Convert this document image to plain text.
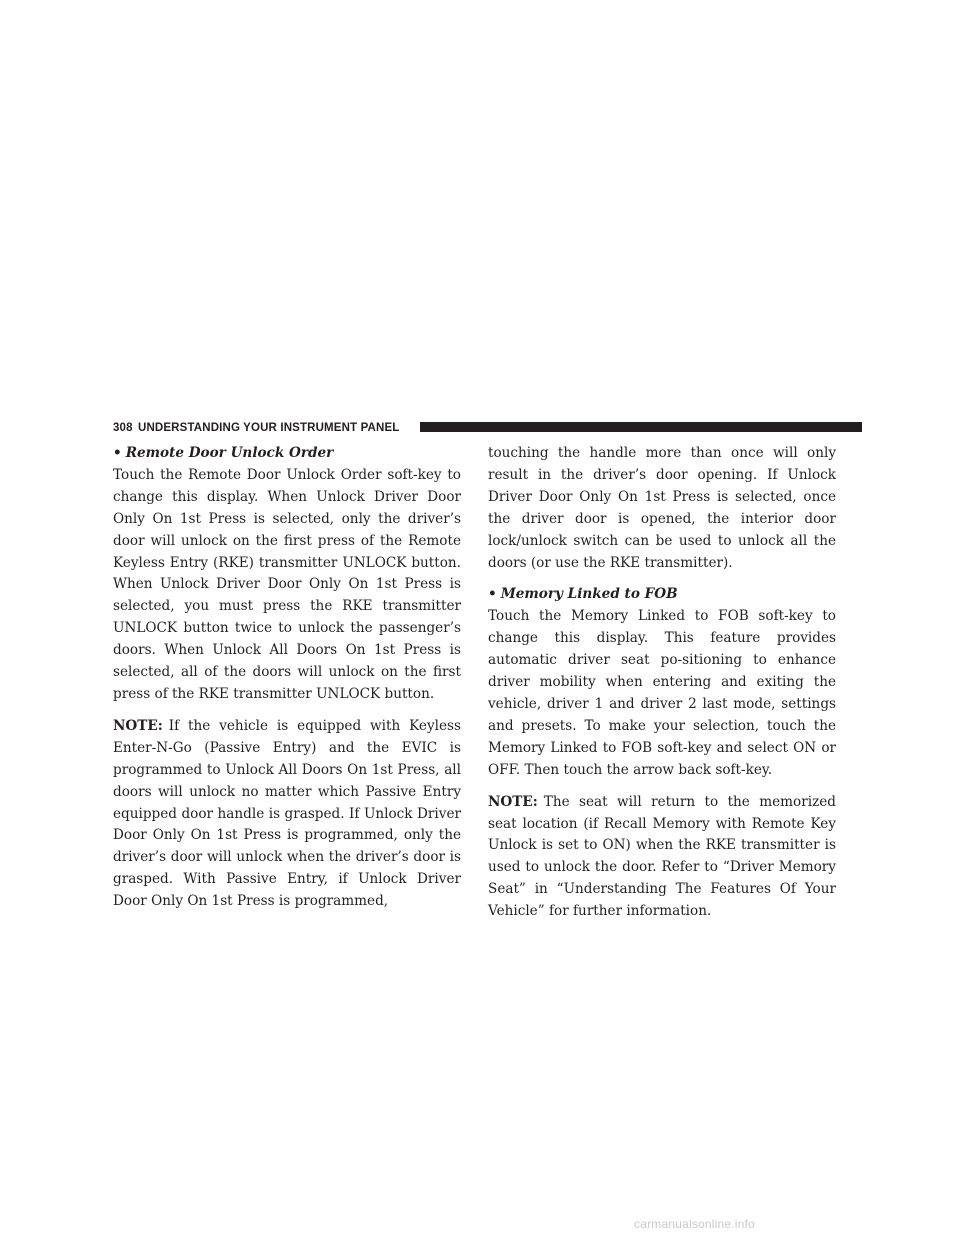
308 UNDERSTANDING YOUR INSTRUMENT PANEL

• Remote Door Unlock Order

Touch the Remote Door Unlock Order soft-key to change this display. When Unlock Driver Door Only On 1st Press is selected, only the driver’s door will unlock on the first press of the Remote Keyless Entry (RKE) transmitter UNLOCK button. When Unlock Driver Door Only On 1st Press is selected, you must press the RKE transmitter UNLOCK button twice to unlock the passenger’s doors. When Unlock All Doors On 1st Press is selected, all of the doors will unlock on the first press of the RKE transmitter UNLOCK button.

NOTE: If the vehicle is equipped with Keyless Enter-N-Go (Passive Entry) and the EVIC is programmed to Unlock All Doors On 1st Press, all doors will unlock no matter which Passive Entry equipped door handle is grasped. If Unlock Driver Door Only On 1st Press is programmed, only the driver’s door will unlock when the driver’s door is grasped. With Passive Entry, if Unlock Driver Door Only On 1st Press is programmed,

touching the handle more than once will only result in the driver’s door opening. If Unlock Driver Door Only On 1st Press is selected, once the driver door is opened, the interior door lock/unlock switch can be used to unlock all the doors (or use the RKE transmitter).

• Memory Linked to FOB

Touch the Memory Linked to FOB soft-key to change this display. This feature provides automatic driver seat po-sitioning to enhance driver mobility when entering and exiting the vehicle, driver 1 and driver 2 last mode, settings and presets. To make your selection, touch the Memory Linked to FOB soft-key and select ON or OFF. Then touch the arrow back soft-key.

NOTE: The seat will return to the memorized seat location (if Recall Memory with Remote Key Unlock is set to ON) when the RKE transmitter is used to unlock the door. Refer to “Driver Memory Seat” in “Understanding The Features Of Your Vehicle” for further information.

carmanualsonline.info
